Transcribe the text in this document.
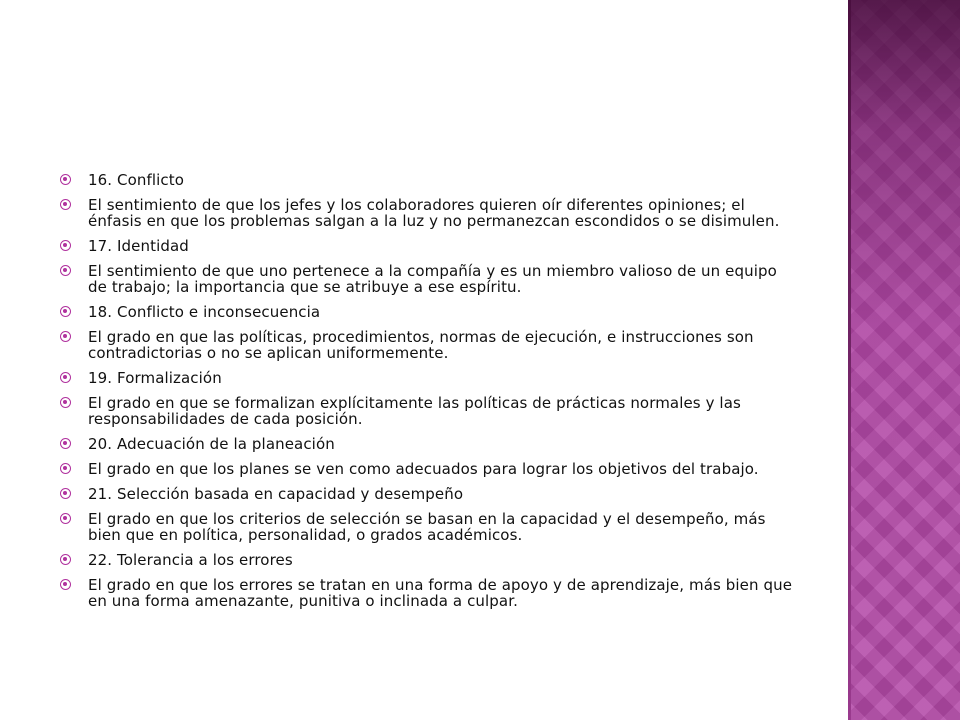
16. Conflicto
El sentimiento de que los jefes y los colaboradores quieren oír diferentes opiniones; el énfasis en que los problemas salgan a la luz y no permanezcan escondidos o se disimulen.
17. Identidad
El sentimiento de que uno pertenece a la compañía y es un miembro valioso de un equipo de trabajo; la importancia que se atribuye a ese espíritu.
18. Conflicto e inconsecuencia
El grado en que las políticas, procedimientos, normas de ejecución, e instrucciones son contradictorias o no se aplican uniformemente.
19. Formalización
El grado en que se formalizan explícitamente las políticas de prácticas normales y las responsabilidades de cada posición.
20. Adecuación de la planeación
El grado en que los planes se ven como adecuados para lograr los objetivos del trabajo.
21. Selección basada en capacidad y desempeño
El grado en que los criterios de selección se basan en la capacidad y el desempeño, más bien que en política, personalidad, o grados académicos.
22. Tolerancia a los errores
El grado en que los errores se tratan en una forma de apoyo y de aprendizaje, más bien que en una forma amenazante, punitiva o inclinada a culpar.
